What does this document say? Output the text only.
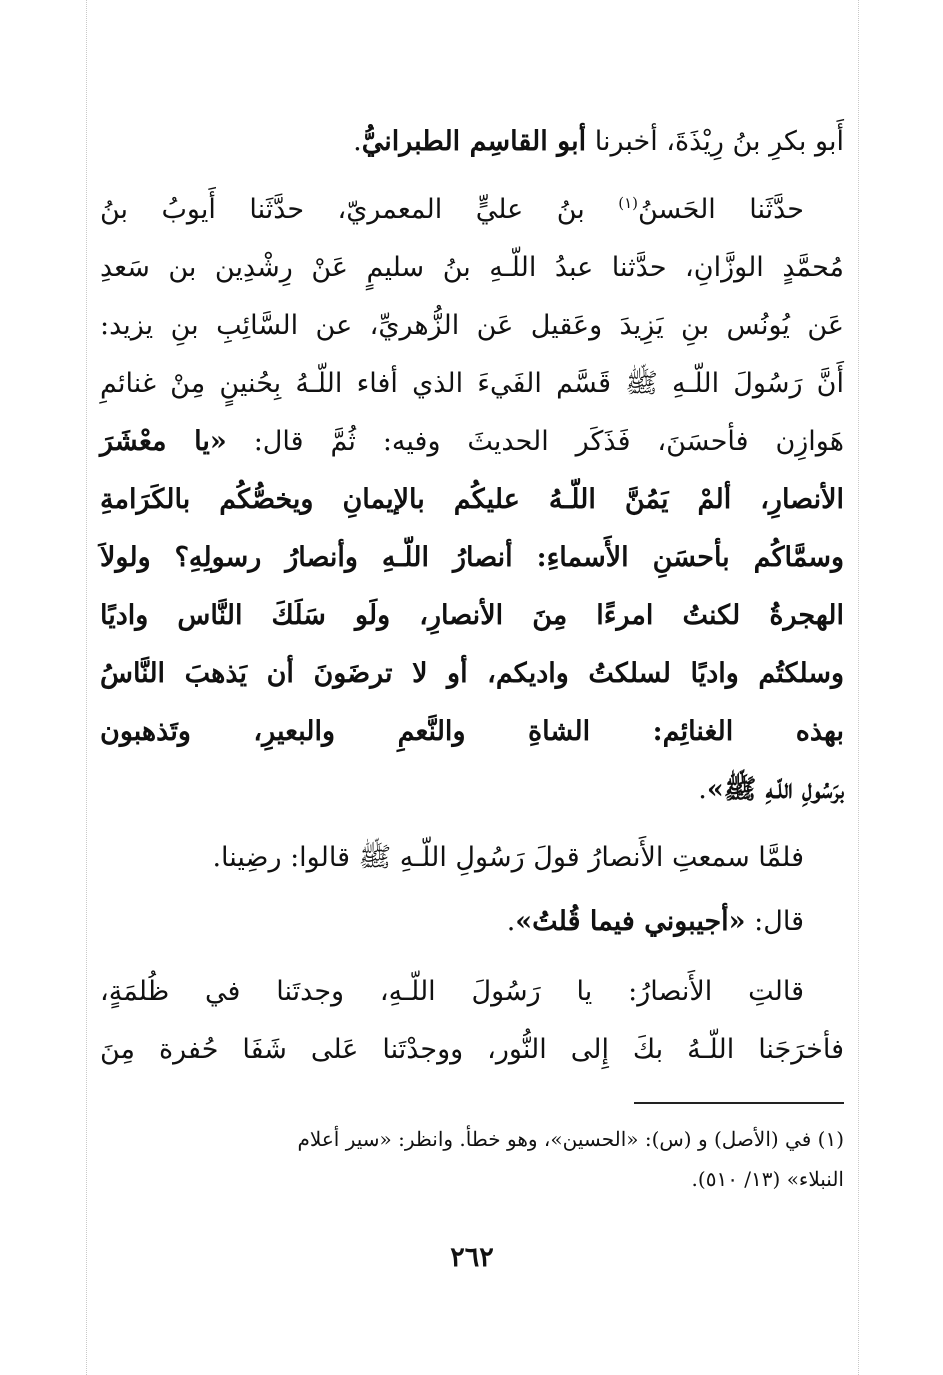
أَبو بكرِ بنُ رِيْذَةَ، أخبرنا أبو القاسِم الطبرانيُّ.
حدَّثَنا الحَسنُ$^{(١)}$ بنُ عليٍّ المعمريّ، حدَّثَنا أَيوبُ بنُ
مُحمَّدٍ الوزَّانِ، حدَّثنا عبدُ اللّـهِ بنُ سليمٍ عَنْ رِشْدِين بن سَعدِ
عَن يُونُس بنِ يَزِيدَ وعَقيل عَن الزُّهريِّ، عن السَّائِبِ بنِ يزيد:
أَنَّ رَسُولَ اللّـهِ ﷺ قَسَّم الفَيءَ الذي أفاء اللّـهُ بِحُنينٍ مِنْ غنائمِ
هَوازِن فأحسَنَ، فَذَكَر الحديثَ وفيه: ثُمَّ قال: «يا معْشَرَ
الأنصارِ، ألمْ يَمُنَّ اللّـهُ عليكُم بالإيمانِ ويخصُّكُم بالكَرَامةِ
وسمَّاكُم بأحسَنِ الأَسماءِ: أنصارُ اللّـهِ وأنصارُ رسولِهِ؟ ولولاَ
الهجرةُ لكنتُ امرءًا مِنَ الأنصارِ، ولَو سَلَكَ النَّاس واديًا
وسلكتُم واديًا لسلكتُ واديكم، أو لا ترضَونَ أن يَذهبَ النَّاسُ
بهذه الغنائِم: الشاةِ والنَّعمِ والبعيرِ، وتَذهبون
برَسُولِ اللّـهِ ﷺ».
فلمَّا سمعتِ الأَنصارُ قولَ رَسُولِ اللّـهِ ﷺ قالوا: رضِينا.
قال: «أجيبوني فيما قُلتُ».
قالتِ الأَنصارُ: يا رَسُولَ اللّـهِ، وجدتَنا في ظُلمَةٍ،
فأخرَجَنا اللّـهُ بكَ إِلى النُّور، ووجدْتَنا عَلى شَفَا حُفرة مِنَ
(١) في (الأصل) و (س): «الحسين»، وهو خطأ. وانظر: «سير أعلام
النبلاء» (١٣/ ٥١٠).
٢٦٢
